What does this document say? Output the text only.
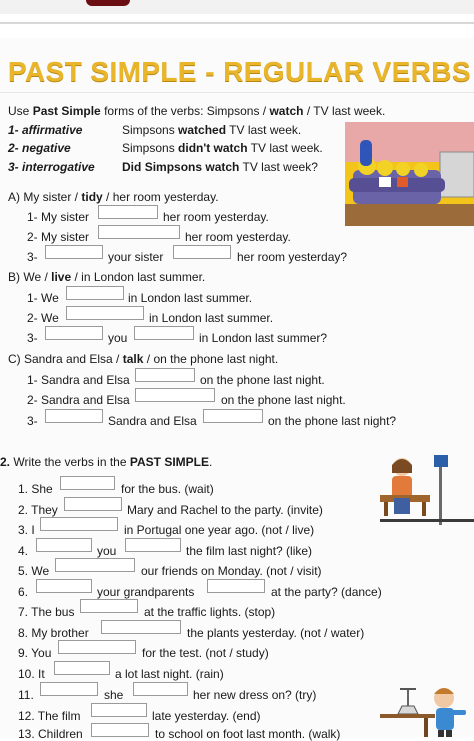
PAST SIMPLE - REGULAR VERBS
Use Past Simple forms of the verbs: Simpsons / watch / TV last week.
1- affirmative	Simpsons watched TV last week.
2- negative	Simpsons didn't watch TV last week.
3- interrogative Did Simpsons watch TV last week?
A) My sister / tidy / her room yesterday.
1- My sister	her room yesterday.
2- My sister	her room yesterday.
3-	your sister	her room yesterday?
B) We / live / in London last summer.
1- We	in London last summer.
2- We	in London last summer.
3-	you	in London last summer?
C) Sandra and Elsa / talk / on the phone last night.
1- Sandra and Elsa	on the phone last night.
2- Sandra and Elsa	on the phone last night.
3-	Sandra and Elsa	on the phone last night?
2. Write the verbs in the PAST SIMPLE.
1. She	for the bus. (wait)
2. They	Mary and Rachel to the party. (invite)
3. I	in Portugal one year ago. (not / live)
4.	you	the film last night? (like)
5. We	our friends on Monday. (not / visit)
6.	your grandparents	at the party? (dance)
7. The bus	at the traffic lights. (stop)
8. My brother	the plants yesterday. (not / water)
9. You	for the test. (not / study)
10. It	a lot last night. (rain)
11.	she	her new dress on? (try)
12. The film	late yesterday. (end)
13. Children	to school on foot last month. (walk)
